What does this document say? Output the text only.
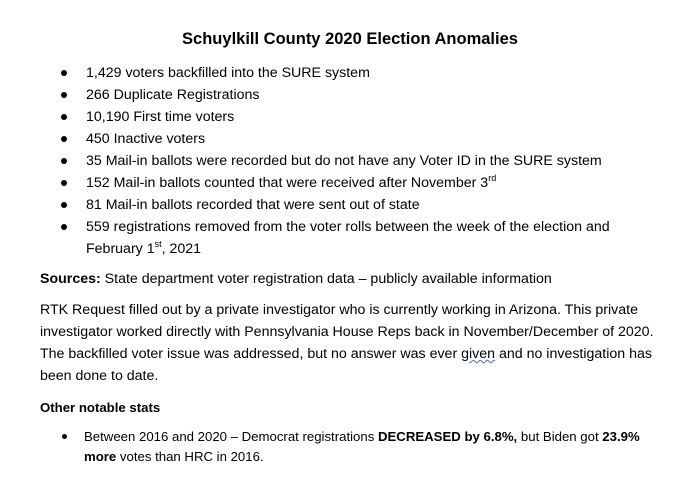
Schuylkill County 2020 Election Anomalies
1,429 voters backfilled into the SURE system
266 Duplicate Registrations
10,190 First time voters
450 Inactive voters
35 Mail-in ballots were recorded but do not have any Voter ID in the SURE system
152 Mail-in ballots counted that were received after November 3rd
81 Mail-in ballots recorded that were sent out of state
559 registrations removed from the voter rolls between the week of the election and February 1st, 2021

Sources: State department voter registration data – publicly available information

RTK Request filled out by a private investigator who is currently working in Arizona. This private investigator worked directly with Pennsylvania House Reps back in November/December of 2020. The backfilled voter issue was addressed, but no answer was ever given and no investigation has been done to date.

Other notable stats

Between 2016 and 2020 – Democrat registrations DECREASED by 6.8%, but Biden got 23.9% more votes than HRC in 2016.
